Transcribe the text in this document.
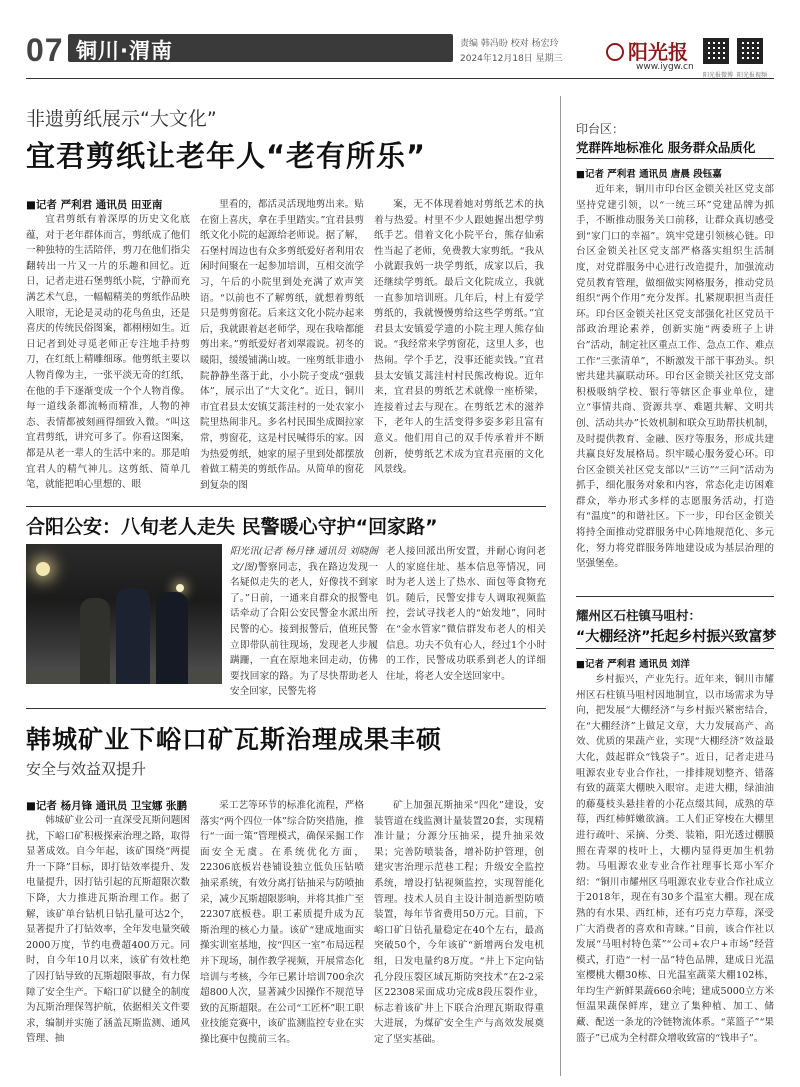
07 铜川·渭南	责编 韩冯盼 校对 杨宏玲
2024年12月18日 星期三	阳光报
www.iygw.cn
阳光报微博 阳光报视频
非遗剪纸展示“大文化”
宜君剪纸让老年人“老有所乐”
■记者 严利君 通讯员 田亚南
宜君剪纸有着深厚的历史文化底蕴，对于老年群体而言，剪纸成了他们一种独特的生活陪伴，剪刀在他们指尖翻转出一片又一片的乐趣和回忆。近日，记者走进石堡剪纸小院，宁静而充满艺术气息，一幅幅精美的剪纸作品映入眼帘，无论是灵动的花鸟鱼虫，还是喜庆的传统民俗图案，都栩栩如生。近日记者到处寻觅老师正专注地手持剪刀，在红纸上精雕细琢。他剪纸主要以人物肖像为主，一张平淡无奇的红纸，在他的手下逐渐变成一个个人物肖像。每一道线条都流畅而精准，人物的神态、表情都被刻画得细致入微。“叫这宜君剪纸，讲究可多了。你看这图案，都是从老一辈人的生活中来的。那是咱宜君人的精气神儿。这剪纸、简单几笔，就能把咱心里想的、眼
里看的，都活灵活现地剪出来。贴在窗上喜庆，拿在手里踏实。”宜君县剪纸文化小院的起源给老师说。据了解，石堡村周边也有众多剪纸爱好者利用农闲时间聚在一起参加培训，互相交流学习，午后的小院里到处充满了欢声笑语。“以前也不了解剪纸，就想着剪纸只是剪剪窗花。后来这文化小院办起来后，我就跟着赵老师学，现在我啥都能剪出来。”剪纸爱好者刘翠霞说。初冬的暖阳，缓缓铺满山坡。一座剪纸非遗小院静静坐落于此，小小院子变成“强载体”，展示出了“大文化”。近日，铜川市宜君县太安镇艾蒿洼村的一处农家小院里热闹非凡。多名村民围坐成圈拉家常，剪窗花，这是村民喊得乐的家。因为热爱剪纸，她家的屋子里到处都摆放着做工精美的剪纸作品。从简单的窗花到复杂的图
案，无不体现着她对剪纸艺术的执着与热爱。村里不少人跟她握出想学剪纸手艺。借着文化小院平台，熊存仙索性当起了老师，免费教大家剪纸。“我从小就跟我妈一块学剪纸，成家以后，我还继续学剪纸。最后文化院成立，我就一直参加培训班。几年后，村上有爱学剪纸的，我就慢慢剪给这些学剪纸。”宜君县太安镇爱学遗的小院主理人熊存仙说。“我经常来学剪窗花，这里人多，也热闹。学个手艺，没事还能卖钱。”宜君县太安镇艾蒿洼村村民熊改梅说。近年来，宜君县的剪纸艺术就像一座桥梁，连接着过去与现在。在剪纸艺术的滋养下，老年人的生活变得多姿多彩且富有意义。他们用自己的双手传承着并不断创新，使剪纸艺术成为宜君亮丽的文化风景线。
印台区：
党群阵地标准化 服务群众品质化
■记者 严利君 通讯员 唐晨 段钰嘉
近年来，铜川市印台区金锁关社区党支部坚持党建引领，以“一统三环”党建品牌为抓手，不断推动服务关口前移，让群众真切感受到“家门口的幸福”。筑牢党建引领核心链。印台区金锁关社区党支部严格落实组织生活制度，对党群服务中心进行改造提升，加强流动党员教育管理，做细做实网格服务，推动党员组织“两个作用”充分发挥。扎紧规职担当责任环。印台区金锁关社区党支部强化社区党员干部政治理论素养，创新实施“两委班子上讲台”活动，制定社区重点工作、急点工作、难点工作“三张清单”，不断激发干部干事劲头。织密共建共赢联动环。印台区金锁关社区党支部积极吸纳学校、银行等辖区企事业单位，建立“事情共商、资源共享、难题共解、文明共创、活动共办”长效机制和联众互助帮扶机制，及时提供教育、金融、医疗等服务，形成共建共赢良好发展格局。织牢暖心服务爱心环。印台区金锁关社区党支部以“三访”“三问”活动为抓手，细化服务对象和内容，常态化走访困难群众，举办形式多样的志愿服务活动，打造有“温度”的和谐社区。下一步，印台区金锁关将持全面推动党群服务中心阵地规范化、多元化，努力将党群服务阵地建设成为基层治理的坚强堡垒。
合阳公安：八旬老人走失 民警暖心守护“回家路”
阳光讯(记者 杨月锋 通讯员 刘晓阁文/图)警察同志，我在路边发现一名疑似走失的老人，好像找不到家了。”日前，一通来自群众的报警电话牵动了合阳公安民警金水派出所民警的心。接到报警后，值班民警立即带队前往现场，发现老人步履蹒跚，一直在原地来回走动，仿佛要找回家的路。为了尽快帮助老人安全回家，民警先将
老人接回派出所安置，并耐心询问老人的家庭住址、基本信息等情况，同时为老人送上了热水、面包等食物充饥。随后，民警安排专人调取视频监控，尝试寻找老人的“始发地”，同时在“金水管家”微信群发布老人的相关信息。功夫不负有心人，经过1个小时的工作，民警成功联系到老人的详细住址，将老人安全送回家中。
韩城矿业下峪口矿瓦斯治理成果丰硕
安全与效益双提升
■记者 杨月锋 通讯员 卫宝娜 张鹏
韩城矿业公司一直深受瓦斯问题困扰，下峪口矿积极探索治理之路，取得显著成效。自今年起，该矿围绕“两提升一下降”目标，即打钻效率提升、发电量提升，因打钻引起的瓦斯超限次数下降，大力推进瓦斯治理工作。据了解，该矿单台钻机日钻孔量可达2个，显著提升了打钻效率，全年发电量突破2000万度，节约电费超400万元。同时，自今年10月以来，该矿有效杜绝了因打钻导致的瓦斯超限事故，有力保障了安全生产。下峪口矿以健全的制度为瓦斯治理保驾护航，依据相关文件要求，编制并实施了涵盖瓦斯监测、通风管理、抽
采工艺等环节的标准化流程，严格落实“两个四位一体”综合防突措施，推行“一面一策”管理模式，确保采掘工作面安全无虞。在系统优化方面，22306底板岩巷铺设独立低负压钻喷抽采系统，有效分离打钻抽采与防喷抽采，减少瓦斯超限影响，并将其推广至22307底板巷。职工素质提升成为瓦斯治理的核心力量。该矿“建成地面实操实训室基地，按“四区一室”布局远程并下现场，制作教学视频，开展常态化培训与考核，今年已累计培训700余次超800人次，显著减少因操作不规范导致的瓦斯超限。在公司“工匠杯”职工职业技能竞赛中，该矿监测监控专业在实操比赛中包揽前三名。
矿上加强瓦斯抽采“四化”建设，安装管道在线监测计量装置20套，实现精准计量；分源分压抽采，提升抽采效果；完善防喷装备，增补防护管理，创建灾害治理示范巷工程；升级安全监控系统，增设打钻视频监控，实现智能化管理。技术人员自主设计制造新型防喷装置，每年节省费用50万元。目前，下峪口矿日钻孔量稳定在40个左右，最高突破50个，今年该矿“新增两台发电机组，日发电量约8万度。“井上下定向钻孔分段压裂区域瓦斯防突技术”在2-2采区22308采面成功完成8段压裂作业，标志着该矿井上下联合治理瓦斯取得重大进展，为煤矿安全生产与高效发展奠定了坚实基础。
耀州区石柱镇马咀村：
“大棚经济”托起乡村振兴致富梦
■记者 严利君 通讯员 刘洋
乡村振兴，产业先行。近年来，铜川市耀州区石柱镇马咀村因地制宜，以市场需求为导向，把发展“大棚经济”与乡村振兴紧密结合，在“大棚经济”上做足文章，大力发展高产、高效、优质的果蔬产业，实现“大棚经济”效益最大化，鼓起群众“钱袋子”。近日，记者走进马咀源农业专业合作社，一排排规划整齐、错落有致的蔬菜大棚映入眼帘。走进大棚，绿油油的藤蔓枝头悬挂着的小花点缀其间，成熟的草莓，西红柿鲜嫩欲滴。工人们正穿梭在大棚里进行疏叶、采摘、分类、装箱，阳光透过棚膜照在青翠的枝叶上，大棚内显得更加生机勃勃。马咀源农业专业合作社理事长郑小军介绍：“铜川市耀州区马咀源农业专业合作社成立于2018年，现在有30多个温室大棚。现在成熟的有水果、西红柿，还有巧克力草莓，深受广大消费者的喜欢和青睐。”目前，该合作社以发展“马咀村特色菜”“公司+农户+市场”经营模式，打造“一村一品”特色品牌，建成日光温室樱桃大棚30栋、日光温室蔬菜大棚102栋，年均生产新鲜果蔬660余吨；建成5000立方米恒温果蔬保鲜库，建立了集种植、加工、储藏、配送一条龙的冷链物流体系。“菜篮子”“果篮子”已成为全村群众增收致富的“钱串子”。
